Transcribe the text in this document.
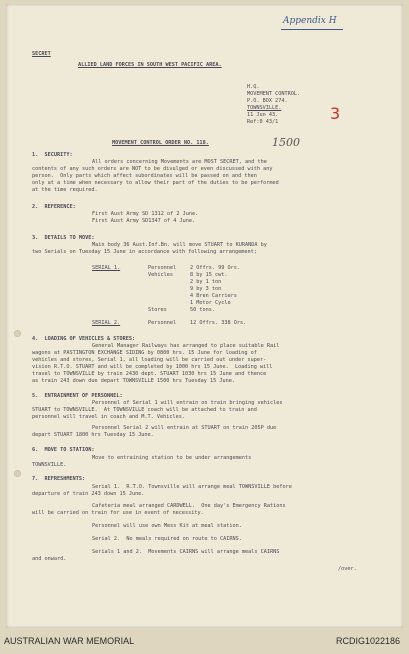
Appendix H
3
1500
SECRET
ALLIED LAND FORCES IN SOUTH WEST PACIFIC AREA.
H.Q.
MOVEMENT CONTROL.
P.O. BOX 274.
TOWNSVILLE.
11 Jun 43.
Ref:0 43/1
MOVEMENT CONTROL ORDER NO. 118.
1.  SECURITY:
All orders concerning Movements are MOST SECRET, and the
contents of any such orders are NOT to be divulged or even discussed with any
person.  Only parts which affect subordinates will be passed on and then
only at a time when necessary to allow their part of the duties to be performed
at the time required.
2.  REFERENCE:
First Aust Army SD 1312 of 2 June.
First Aust Army SD1347 of 4 June.
3.  DETAILS TO MOVE:
Main body 36 Aust.Inf.Bn. will move STUART to KURANDA by
two Serials on Tuesday 15 June in accordance with following arrangement;
SERIAL 1.	Personnel	2 Offrs. 99 Ors.
Vehicles	8 by 15 cwt.
2 by 1 ton
9 by 3 ton
4 Bren Carriers
1 Motor Cycle
Stores	50 tons.
SERIAL 2.	Personnel	12 Offrs. 338 Ors.
4.  LOADING OF VEHICLES & STORES:
General Manager Railways has arranged to place suitable Rail
wagons at PASTINGTON EXCHANGE SIDING by 0800 hrs. 15 June for loading of
vehicles and stores, Serial 1, all loading will be carried out under super-
vision R.T.O. STUART and will be completed by 1000 hrs 15 June.  Loading will
travel to TOWNSVILLE by train 2430 dept. STUART 1030 hrs 15 June and thence
as train 243 down due depart TOWNSVILLE 1500 hrs Tuesday 15 June.
5.  ENTRAINMENT OF PERSONNEL:
Personnel of Serial 1 will entrain on train bringing vehicles
STUART to TOWNSVILLE.  At TOWNSVILLE coach will be attached to train and
personnel will travel in coach and M.T. Vehicles.
Personnel Serial 2 will entrain at STUART on train 205P due
depart STUART 1800 hrs Tuesday 15 June.
6.  MOVE TO STATION:
Move to entraining station to be under arrangements
TOWNSVILLE.
7.  REFRESHMENTS:
Serial 1.  R.T.O. Townsville will arrange meal TOWNSVILLE before
departure of train 243 down 15 June.
Cafeteria meal arranged CARDWELL.  One day's Emergency Rations
will be carried on train for use in event of necessity.
Personnel will use own Mess Kit at meal station.
Serial 2.  No meals required on route to CAIRNS.
Serials 1 and 2.  Movements CAIRNS will arrange meals CAIRNS
and onward.
/over.
AUSTRALIAN WAR MEMORIAL	RCDIG1022186
